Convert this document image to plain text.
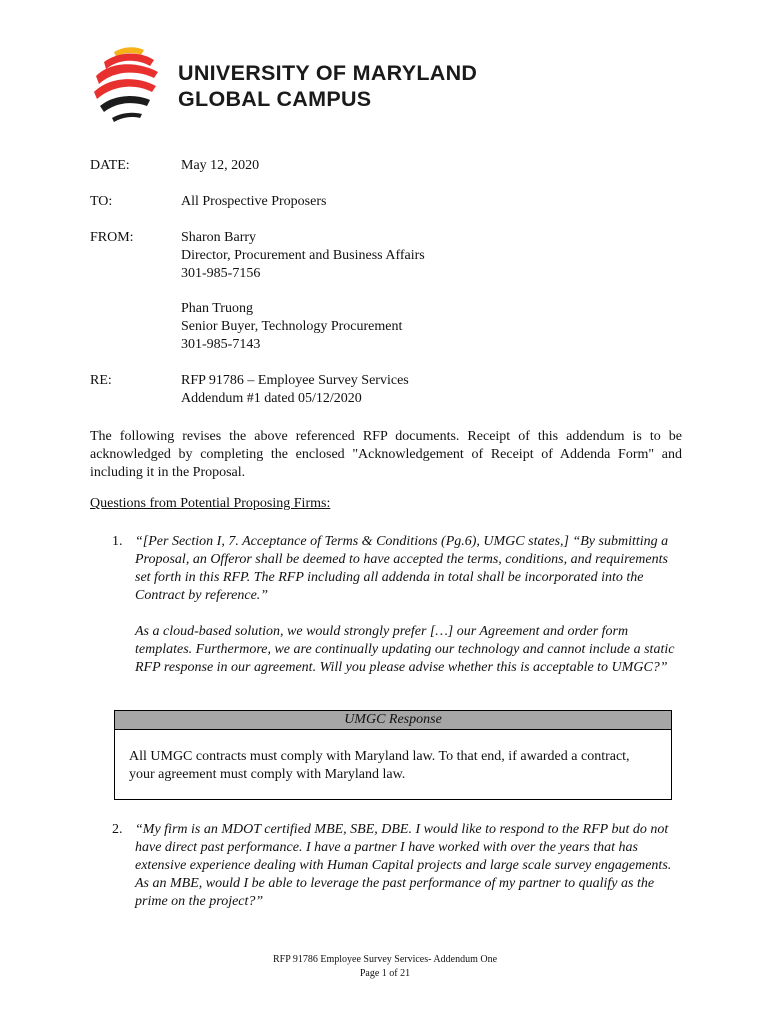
UNIVERSITY OF MARYLAND
GLOBAL CAMPUS
DATE:	May 12, 2020
TO:	All Prospective Proposers
FROM:	Sharon Barry
Director, Procurement and Business Affairs
301-985-7156
Phan Truong
Senior Buyer, Technology Procurement
301-985-7143
RE:	RFP 91786 – Employee Survey Services
Addendum #1 dated 05/12/2020
The following revises the above referenced RFP documents. Receipt of this addendum is to be acknowledged by completing the enclosed "Acknowledgement of Receipt of Addenda Form" and including it in the Proposal.
Questions from Potential Proposing Firms:
1. “[Per Section I, 7. Acceptance of Terms & Conditions (Pg.6), UMGC states,] “By submitting a Proposal, an Offeror shall be deemed to have accepted the terms, conditions, and requirements set forth in this RFP. The RFP including all addenda in total shall be incorporated into the Contract by reference.”
As a cloud-based solution, we would strongly prefer […] our Agreement and order form templates. Furthermore, we are continually updating our technology and cannot include a static RFP response in our agreement. Will you please advise whether this is acceptable to UMGC?”
UMGC Response
All UMGC contracts must comply with Maryland law. To that end, if awarded a contract, your agreement must comply with Maryland law.
2. “My firm is an MDOT certified MBE, SBE, DBE. I would like to respond to the RFP but do not have direct past performance. I have a partner I have worked with over the years that has extensive experience dealing with Human Capital projects and large scale survey engagements. As an MBE, would I be able to leverage the past performance of my partner to qualify as the prime on the project?”
RFP 91786 Employee Survey Services- Addendum One
Page 1 of 21
